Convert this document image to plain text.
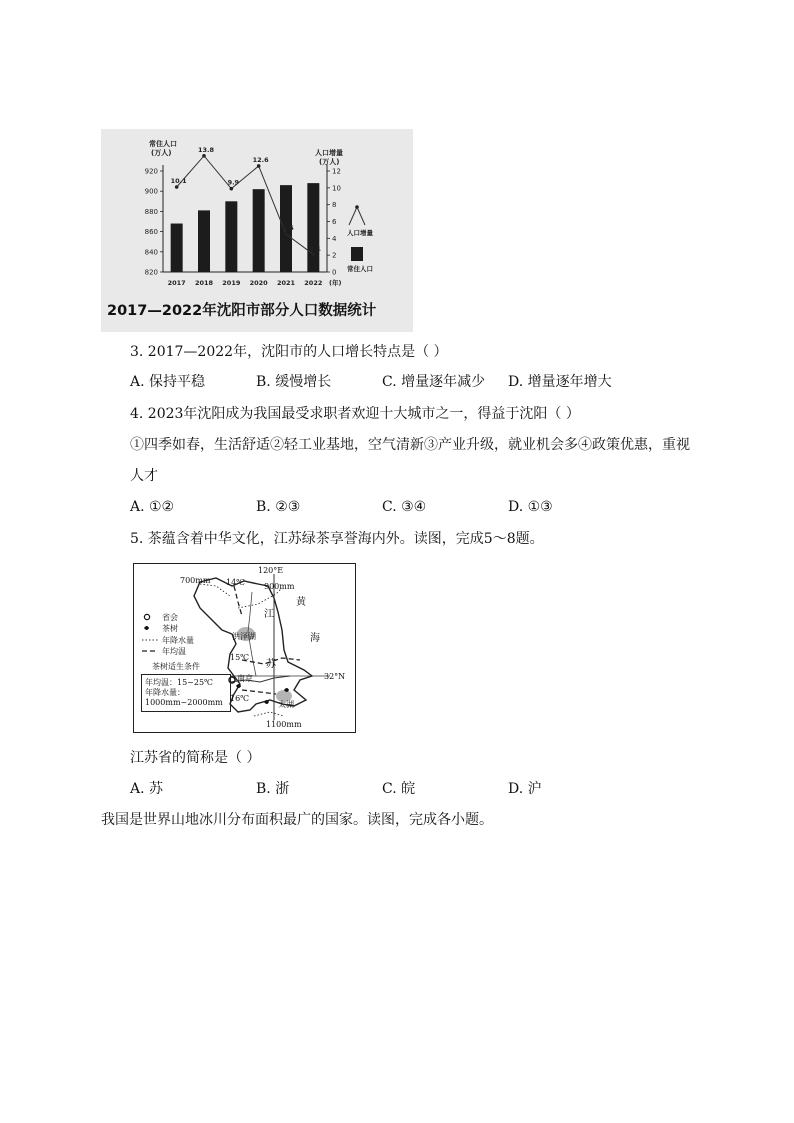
常住人口
(万人)	人口增量
(万人)
920
900
880
860
840
820
12
10
8
6
4
2
0
2017 2018 2019 2020 2021 2022 (年)
10.1
13.8
9.9
12.6
4.5
2.1
人口增量
常住人口
2017—2022年沈阳市部分人口数据统计
3. 2017—2022年，沈阳市的人口增长特点是（ ）
A. 保持平稳	B. 缓慢增长	C. 增量逐年减少 D. 增量逐年增大
4. 2023年沈阳成为我国最受求职者欢迎十大城市之一，得益于沈阳（ ）
①四季如春，生活舒适②轻工业基地，空气清新③产业升级，就业机会多④政策优惠，重视
人才
A. ①②	B. ②③	C. ③④	D. ①③
5. 茶蕴含着中华文化，江苏绿茶享誉海内外。读图，完成5～8题。
700mm 14℃
120°E
900mm
江
黄
海
苏
洪泽湖
15℃
32°N
南京
16℃
太湖
1100mm
省会
茶树
年降水量
年均温
茶树适生条件
年均温：15~25℃
年降水量：
1000mm~2000mm
江苏省的简称是（ ）
A. 苏	B. 浙	C. 皖	D. 沪
我国是世界山地冰川分布面积最广的国家。读图，完成各小题。
